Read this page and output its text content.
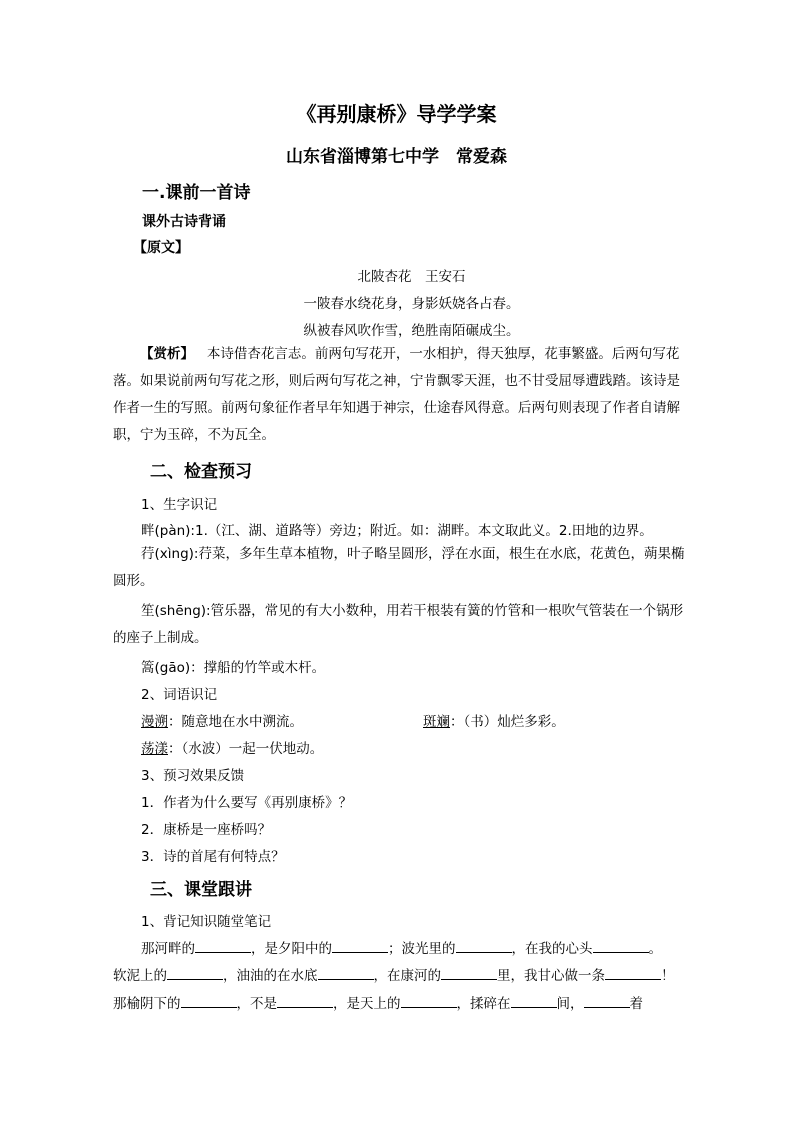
《再别康桥》导学学案
山东省淄博第七中学　常爱森
一.课前一首诗
课外古诗背诵
【原文】
北陂杏花　王安石
一陂春水绕花身，身影妖娆各占春。
纵被春风吹作雪，绝胜南陌碾成尘。
【赏析】 本诗借杏花言志。前两句写花开，一水相护，得天独厚，花事繁盛。后两句写花落。如果说前两句写花之形，则后两句写花之神，宁肯飘零天涯，也不甘受屈辱遭践踏。该诗是作者一生的写照。前两句象征作者早年知遇于神宗，仕途春风得意。后两句则表现了作者自请解职，宁为玉碎，不为瓦全。
二、检查预习
1、生字识记
畔(pàn):1.（江、湖、道路等）旁边；附近。如：湖畔。本文取此义。2.田地的边界。
荇(xìng):荇菜，多年生草本植物，叶子略呈圆形，浮在水面，根生在水底，花黄色，蒴果椭圆形。
笙(shēng):管乐器，常见的有大小数种，用若干根装有簧的竹管和一根吹气管装在一个锅形的座子上制成。
篙(gāo)：撑船的竹竿或木杆。
2、词语识记
漫溯：随意地在水中溯流。	斑斓：（书）灿烂多彩。
荡漾：（水波）一起一伏地动。
3、预习效果反馈
1．作者为什么要写《再别康桥》？
2．康桥是一座桥吗？
3．诗的首尾有何特点？
三、课堂跟讲
1、背记知识随堂笔记
那河畔的	，是夕阳中的	；波光里的	，在我的心头	。
软泥上的	，油油的在水底	，在康河的	里，我甘心做一条	！
那榆阴下的	，不是	，是天上的	，揉碎在	间，	着
